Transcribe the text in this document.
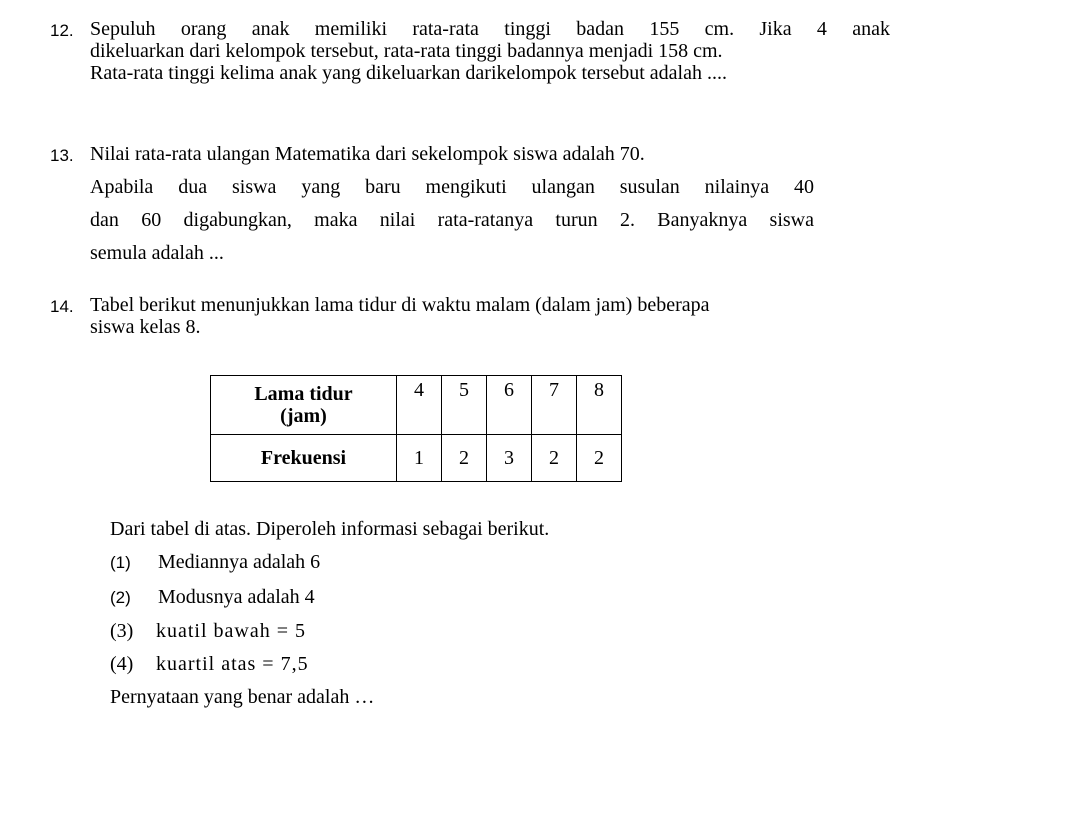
12. Sepuluh orang anak memiliki rata-rata tinggi badan 155 cm. Jika 4 anak
dikeluarkan dari kelompok tersebut, rata-rata tinggi badannya menjadi 158 cm.
Rata-rata tinggi kelima anak yang dikeluarkan darikelompok tersebut adalah ....
13. Nilai rata-rata ulangan Matematika dari sekelompok siswa adalah 70.
Apabila dua siswa yang baru mengikuti ulangan susulan nilainya 40
dan 60 digabungkan, maka nilai rata-ratanya turun 2. Banyaknya siswa
semula adalah ...
14. Tabel berikut menunjukkan lama tidur di waktu malam (dalam jam) beberapa
siswa kelas 8.
Lama tidur
(jam)	4	5	6	7	8
Frekuensi	1	2	3	2	2
Dari tabel di atas. Diperoleh informasi sebagai berikut.
(1) Mediannya adalah 6
(2) Modusnya adalah 4
(3) kuatil bawah = 5
(4) kuartil atas = 7,5
Pernyataan yang benar adalah …
